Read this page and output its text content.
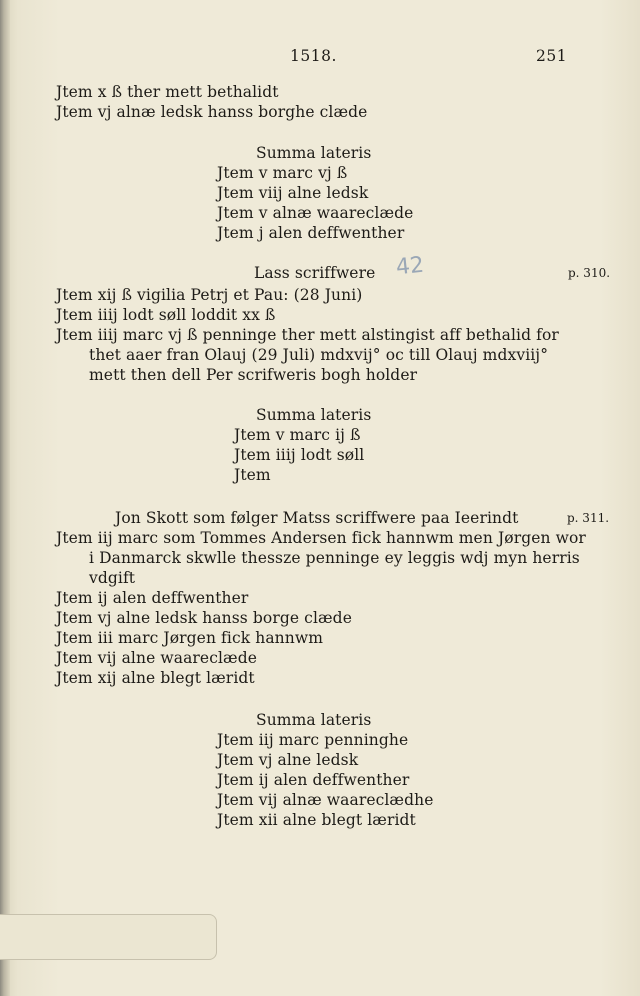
1518.	251
Jtem x ß ther mett bethalidt
Jtem vj alnæ ledsk hanss borghe clæde
Summa lateris
Jtem v marc vj ß
Jtem viij alne ledsk
Jtem v alnæ waareclæde
Jtem j alen deffwenther
Lass scriffwere 42	p. 310.
Jtem xij ß vigilia Petrj et Pau: (28 Juni)
Jtem iiij lodt søll loddit xx ß
Jtem iiij marc vj ß penninge ther mett alstingist aff bethalid for
thet aaer fran Olauj (29 Juli) mdxvij° oc till Olauj mdxviij°
mett then dell Per scrifweris bogh holder
Summa lateris
Jtem v marc ij ß
Jtem iiij lodt søll
Jtem
Jon Skott som følger Matss scriffwere paa Ieerindt	p. 311.
Jtem iij marc som Tommes Andersen fick hannwm men Jørgen wor
i Danmarck skwlle thessze penninge ey leggis wdj myn herris
vdgift
Jtem ij alen deffwenther
Jtem vj alne ledsk hanss borge clæde
Jtem iii marc Jørgen fick hannwm
Jtem vij alne waareclæde
Jtem xij alne blegt læridt
Summa lateris
Jtem iij marc penninghe
Jtem vj alne ledsk
Jtem ij alen deffwenther
Jtem vij alnæ waareclædhe
Jtem xii alne blegt læridt
